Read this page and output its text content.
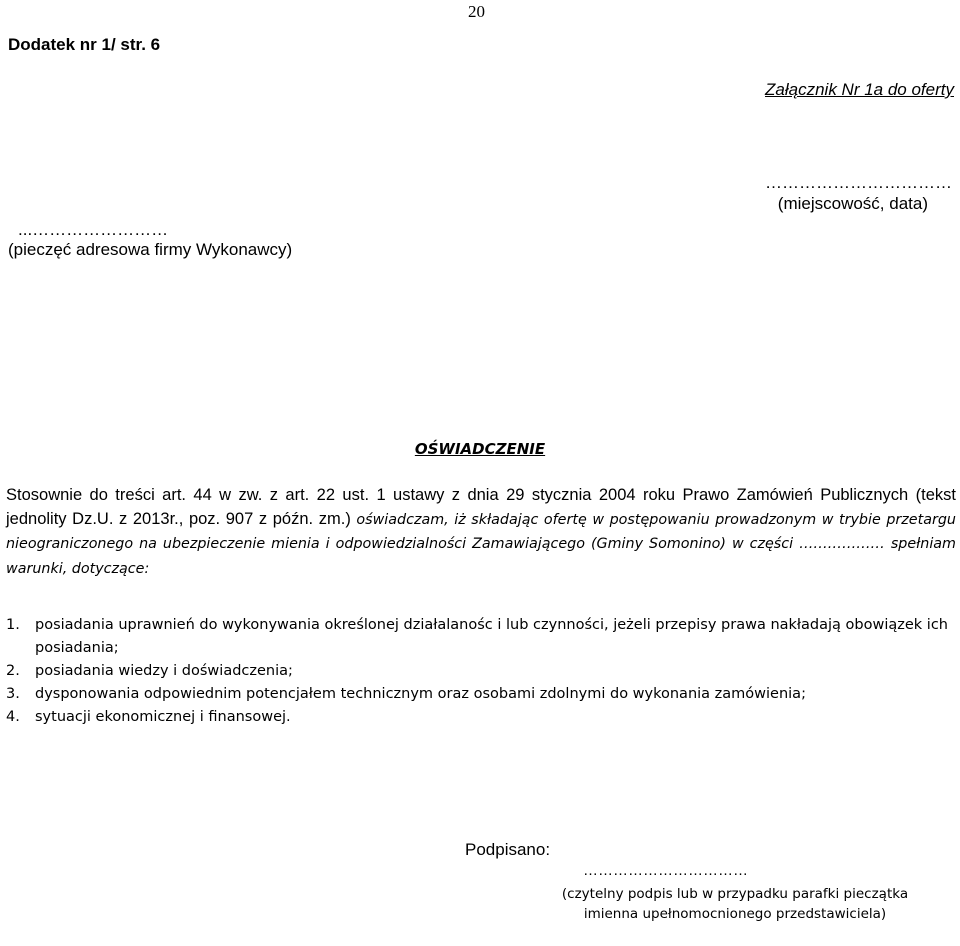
20
Dodatek nr 1/ str. 6
Załącznik Nr 1a do oferty
……………………………
(miejscowość, data)
...……………………
(pieczęć adresowa firmy Wykonawcy)
OŚWIADCZENIE
Stosownie do treści art. 44 w zw. z art. 22 ust. 1 ustawy z dnia 29 stycznia 2004 roku Prawo Zamówień Publicznych (tekst jednolity Dz.U. z 2013r., poz. 907 z późn. zm.) oświadczam, iż składając ofertę w postępowaniu prowadzonym w trybie przetargu nieograniczonego na ubezpieczenie mienia i odpowiedzialności Zamawiającego (Gminy Somonino) w części ……………… spełniam warunki, dotyczące:
1. posiadania uprawnień do wykonywania określonej działalanośc i lub czynności, jeżeli przepisy prawa nakładają obowiązek ich posiadania;
2. posiadania wiedzy i doświadczenia;
3. dysponowania odpowiednim potencjałem technicznym oraz osobami zdolnymi do wykonania zamówienia;
4. sytuacji ekonomicznej i finansowej.
Podpisano:
……………………………
(czytelny podpis lub w przypadku parafki pieczątka imienna upełnomocnionego przedstawiciela)
